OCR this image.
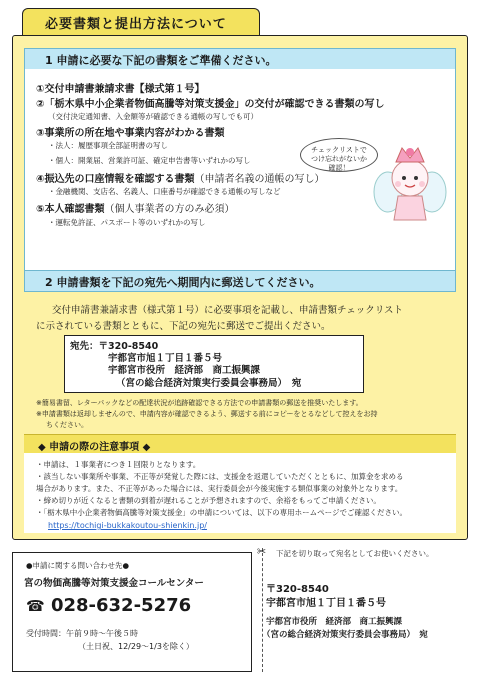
必要書類と提出方法について
1 申請に必要な下記の書類をご準備ください。
①交付申請書兼請求書【様式第１号】
②「栃木県中小企業者物価高騰等対策支援金」の交付が確認できる書類の写し
（交付決定通知書、入金額等が確認できる通帳の写しでも可）
③事業所の所在地や事業内容がわかる書類
・法人：履歴事項全部証明書の写し
・個人：開業届、営業許可証、確定申告書等いずれかの写し
④振込先の口座情報を確認する書類（申請者名義の通帳の写し）
・金融機関、支店名、名義人、口座番号が確認できる通帳の写しなど
⑤本人確認書類（個人事業者の方のみ必須）
・運転免許証、パスポート等のいずれかの写し
チェックリストで
つけ忘れがないか
確認！
2 申請書類を下記の宛先へ期間内に郵送してください。
交付申請書兼請求書（様式第１号）に必要事項を記載し、申請書類チェックリスト
に示されている書類とともに、下記の宛先に郵送でご提出ください。
宛先：〒320-8540
宇都宮市旭１丁目１番５号
宇都宮市役所　経済部　商工振興課
（宮の総合経済対策実行委員会事務局）　宛
※簡易書留、レターパックなどの配達状況が追跡確認できる方法での申請書類の郵送を推奨いたします。
※申請書類は返却しませんので、申請内容が確認できるよう、郵送する前にコピーをとるなどして控えをお持
ちください。
◆ 申請の際の注意事項 ◆
・申請は、１事業者につき１回限りとなります。
・該当しない事業所や事業、不正等が発覚した際には、支援金を返還していただくとともに、加算金を求める
場合があります。また、不正等があった場合には、実行委員会が今後実施する類似事業の対象外となります。
・締め切りが近くなると書類の到着が遅れることが予想されますので、余裕をもってご申請ください。
・「栃木県中小企業者物価高騰等対策支援金」の申請については、以下の専用ホームページでご確認ください。
https://tochigi-bukkakoutou-shienkin.jp/
●申請に関する問い合わせ先●
宮の物価高騰等対策支援金コールセンター
☎ 028-632-5276
受付時間：午前９時～午後５時
（土日祝、12/29～1/3を除く）
✂ 下記を切り取って宛名としてお使いください。
〒320-8540
宇都宮市旭１丁目１番５号
宇都宮市役所　経済部　商工振興課
（宮の総合経済対策実行委員会事務局）　宛
